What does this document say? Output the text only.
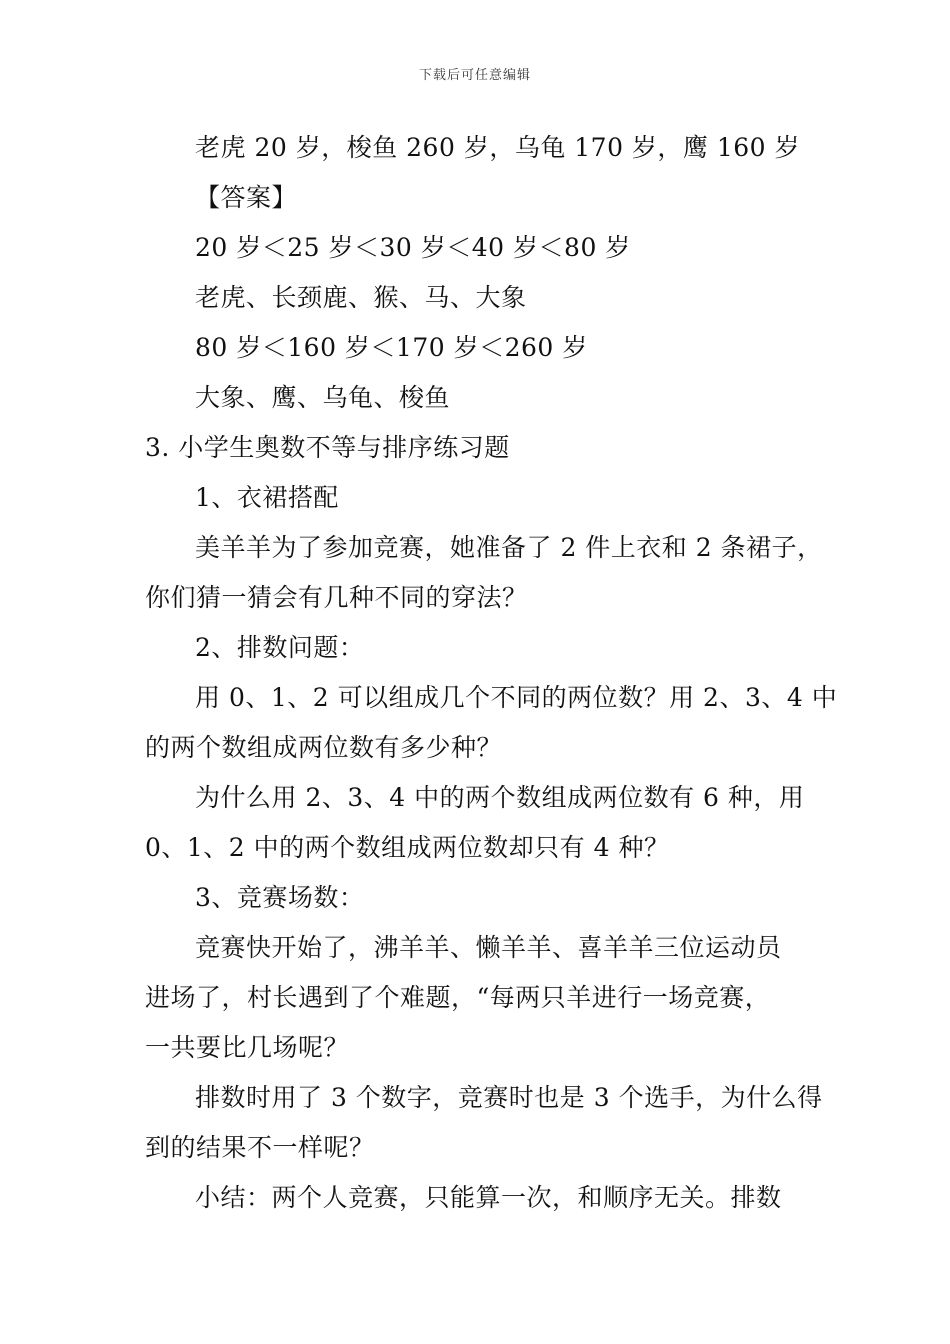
下载后可任意编辑
老虎 20 岁，梭鱼 260 岁，乌龟 170 岁，鹰 160 岁
【答案】
20 岁＜25 岁＜30 岁＜40 岁＜80 岁
老虎、长颈鹿、猴、马、大象
80 岁＜160 岁＜170 岁＜260 岁
大象、鹰、乌龟、梭鱼
3. 小学生奥数不等与排序练习题
1、衣裙搭配
美羊羊为了参加竞赛，她准备了 2 件上衣和 2 条裙子，
你们猜一猜会有几种不同的穿法？
2、排数问题：
用 0、1、2 可以组成几个不同的两位数？用 2、3、4 中
的两个数组成两位数有多少种？
为什么用 2、3、4 中的两个数组成两位数有 6 种，用
0、1、2 中的两个数组成两位数却只有 4 种？
3、竞赛场数：
竞赛快开始了，沸羊羊、懒羊羊、喜羊羊三位运动员
进场了，村长遇到了个难题，“每两只羊进行一场竞赛，
一共要比几场呢？
排数时用了 3 个数字，竞赛时也是 3 个选手，为什么得
到的结果不一样呢？
小结：两个人竞赛，只能算一次，和顺序无关。排数
